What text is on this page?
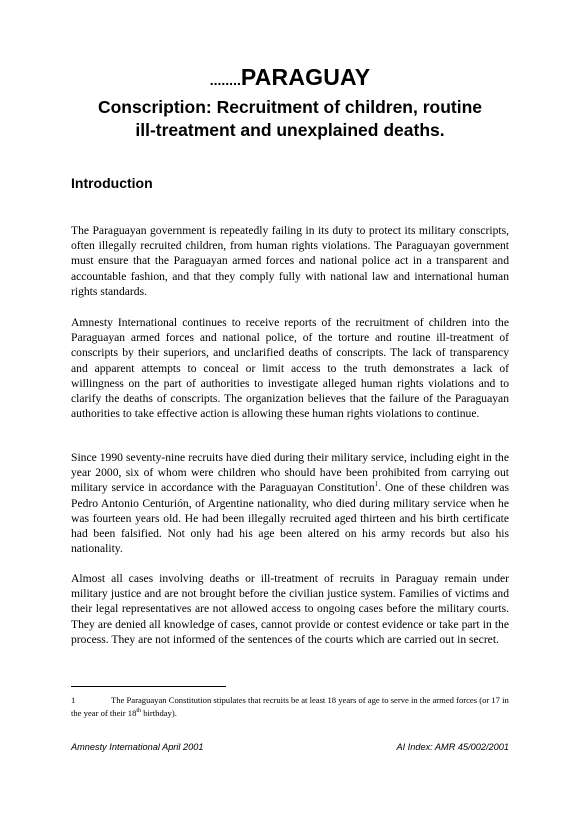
........PARAGUAY
Conscription: Recruitment of children, routine
ill-treatment and unexplained deaths.
Introduction

The Paraguayan government is repeatedly failing in its duty to protect its military conscripts, often illegally recruited children, from human rights violations. The Paraguayan government must ensure that the Paraguayan armed forces and national police act in a transparent and accountable fashion, and that they comply fully with national law and international human rights standards.

Amnesty International continues to receive reports of the recruitment of children into the Paraguayan armed forces and national police, of the torture and routine ill-treatment of conscripts by their superiors, and unclarified deaths of conscripts. The lack of transparency and apparent attempts to conceal or limit access to the truth demonstrates a lack of willingness on the part of authorities to investigate alleged human rights violations and to clarify the deaths of conscripts. The organization believes that the failure of the Paraguayan authorities to take effective action is allowing these human rights violations to continue.

Since 1990 seventy-nine recruits have died during their military service, including eight in the year 2000, six of whom were children who should have been prohibited from carrying out military service in accordance with the Paraguayan Constitution$^1$. One of these children was Pedro Antonio Centurión, of Argentine nationality, who died during military service when he was fourteen years old. He had been illegally recruited aged thirteen and his birth certificate had been falsified. Not only had his age been altered on his army records but also his nationality.

Almost all cases involving deaths or ill-treatment of recruits in Paraguay remain under military justice and are not brought before the civilian justice system. Families of victims and their legal representatives are not allowed access to ongoing cases before the military courts. They are denied all knowledge of cases, cannot provide or contest evidence or take part in the process. They are not informed of the sentences of the courts which are carried out in secret.

1	The Paraguayan Constitution stipulates that recruits be at least 18 years of age to serve in the armed forces (or 17 in the year of their 18th birthday).
Amnesty International April 2001	AI Index: AMR 45/002/2001
